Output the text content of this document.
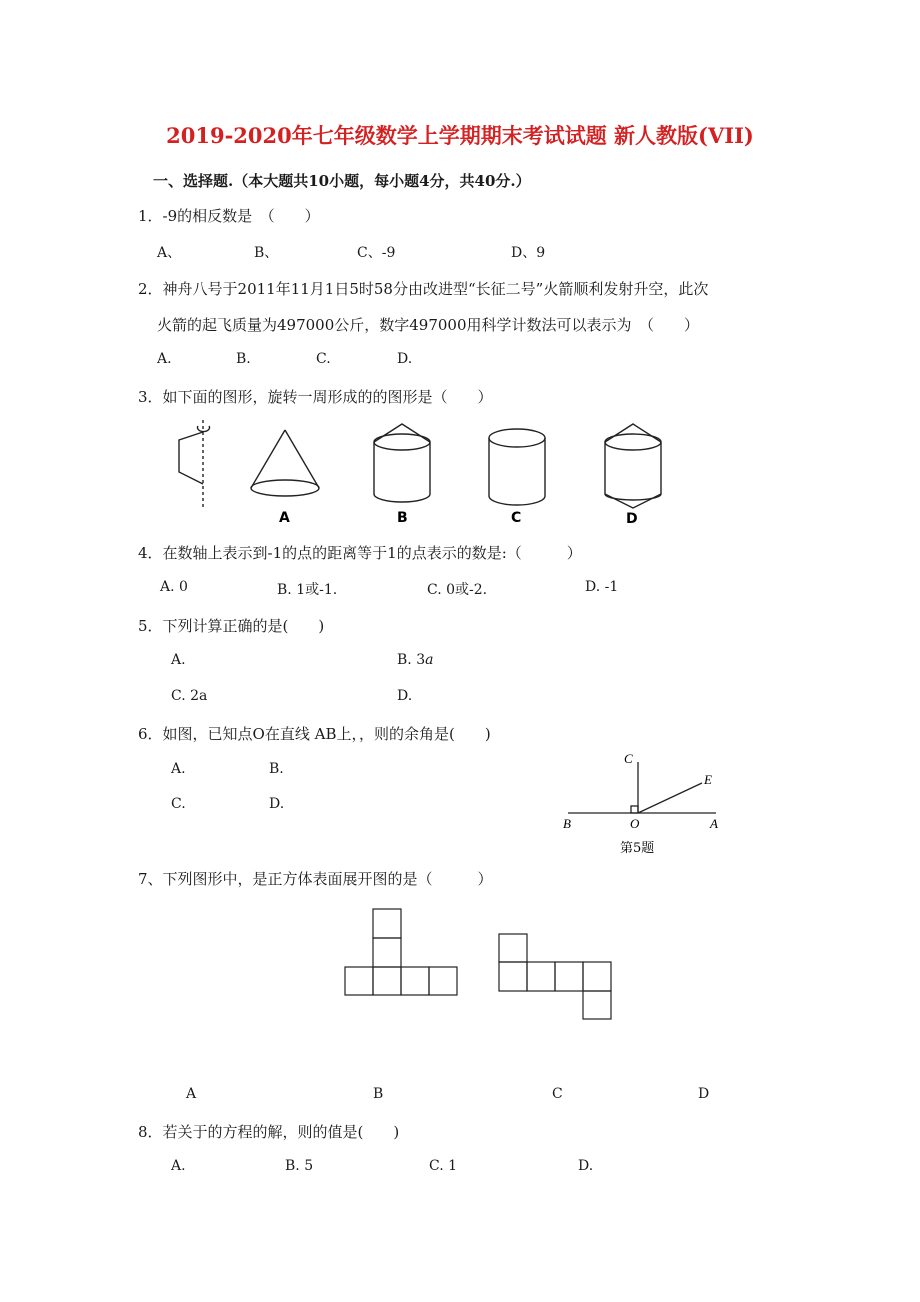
2019-2020年七年级数学上学期期末考试试题 新人教版(VII)
一、选择题.（本大题共10小题，每小题4分，共40分.）
1．-9的相反数是　（　　）
A、	B、	C、-9	D、9
2．神舟八号于2011年11月1日5时58分由改进型“长征二号”火箭顺利发射升空，此次
火箭的起飞质量为497000公斤，数字497000用科学计数法可以表示为　（　　）
A.	B.	C.	D.
3．如下面的图形，旋转一周形成的的图形是（　　）
A	B	C	D
4．在数轴上表示到-1的点的距离等于1的点表示的数是:（　　　）
A. 0	B. 1或-1.	C. 0或-2.	D. -1
5．下列计算正确的是(　　)
A.	B. 3a
C. 2a	D.
6．如图，已知点O在直线 AB上，，则的余角是(　　)
A.	B.
C.	D.
C
E
B	O	A
第5题
7、下列图形中，是正方体表面展开图的是（　　　）
A	B	C	D
8．若关于的方程的解，则的值是(　　)
A.	B. 5	C. 1	D.
